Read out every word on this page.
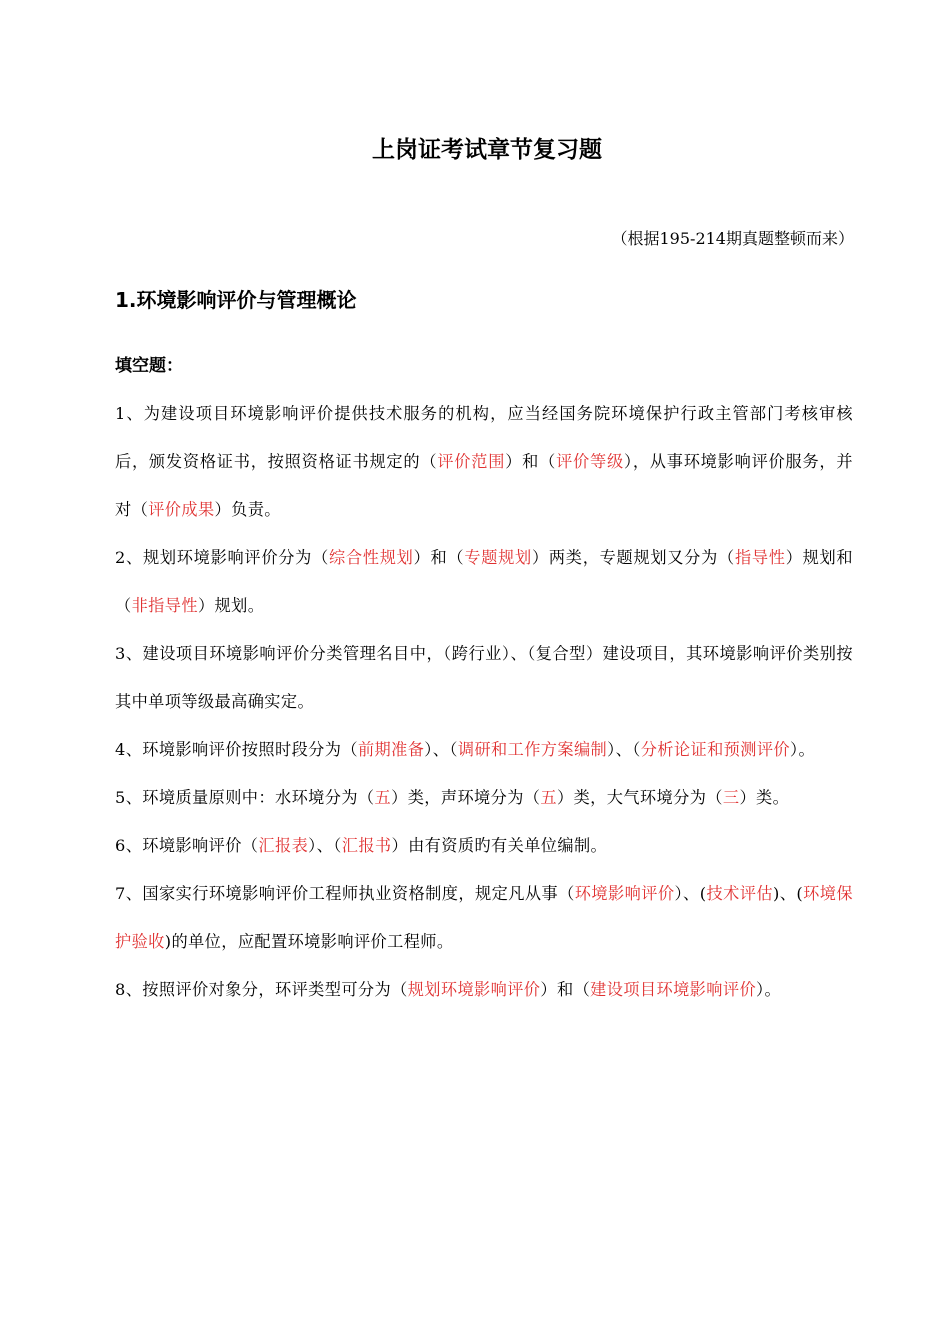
上岗证考试章节复习题

（根据195-214期真题整顿而来）

1.环境影响评价与管理概论
填空题：
1、为建设项目环境影响评价提供技术服务的机构，应当经国务院环境保护行政主管部门考核审核后，颁发资格证书，按照资格证书规定的（评价范围）和（评价等级），从事环境影响评价服务，并对（评价成果）负责。
2、规划环境影响评价分为（综合性规划）和（专题规划）两类，专题规划又分为（指导性）规划和（非指导性）规划。
3、建设项目环境影响评价分类管理名目中，（跨行业）、（复合型）建设项目，其环境影响评价类别按其中单项等级最高确实定。
4、环境影响评价按照时段分为（前期准备）、（调研和工作方案编制）、（分析论证和预测评价）。
5、环境质量原则中：水环境分为（五）类，声环境分为（五）类，大气环境分为（三）类。
6、环境影响评价（汇报表）、（汇报书）由有资质旳有关单位编制。
7、国家实行环境影响评价工程师执业资格制度，规定凡从事（环境影响评价）、(技术评估)、(环境保护验收)的单位，应配置环境影响评价工程师。
8、按照评价对象分，环评类型可分为（规划环境影响评价）和（建设项目环境影响评价）。
